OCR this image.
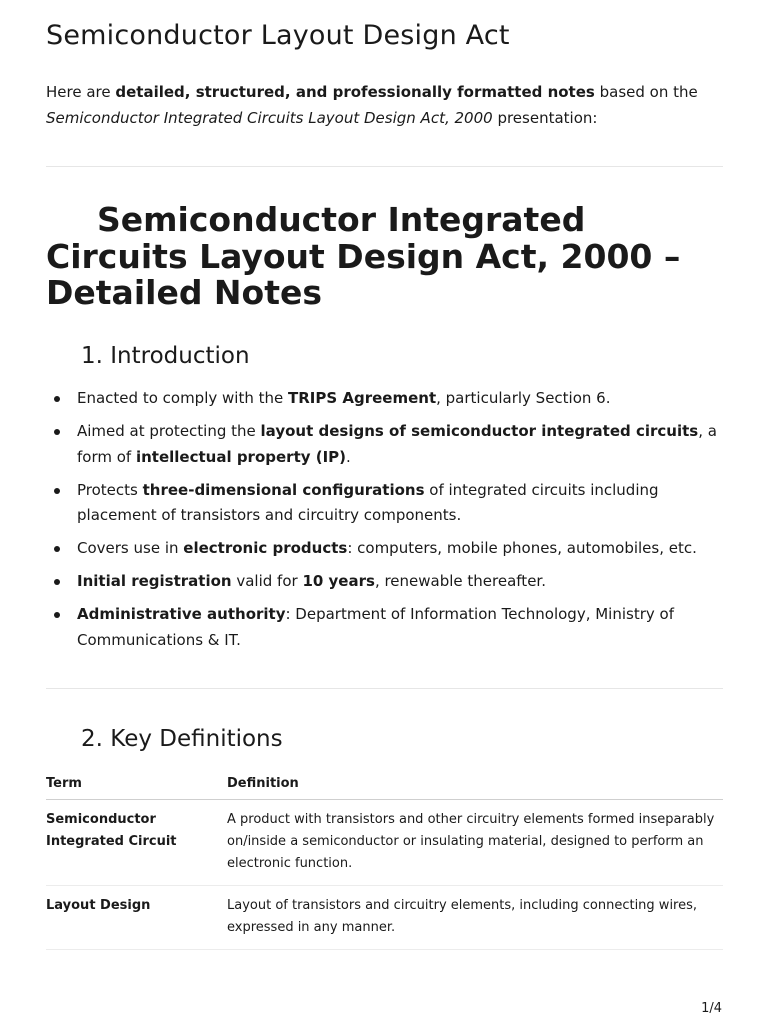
Semiconductor Layout Design Act

Here are detailed, structured, and professionally formatted notes based on the
Semiconductor Integrated Circuits Layout Design Act, 2000 presentation:

Semiconductor Integrated Circuits Layout Design Act, 2000 – Detailed Notes
1. Introduction
Enacted to comply with the TRIPS Agreement, particularly Section 6.
Aimed at protecting the layout designs of semiconductor integrated circuits, a form of intellectual property (IP).
Protects three-dimensional configurations of integrated circuits including placement of transistors and circuitry components.
Covers use in electronic products: computers, mobile phones, automobiles, etc.
Initial registration valid for 10 years, renewable thereafter.
Administrative authority: Department of Information Technology, Ministry of Communications & IT.
2. Key Definitions
Term	Definition

Semiconductor Integrated Circuit	A product with transistors and other circuitry elements formed inseparably on/inside a semiconductor or insulating material, designed to perform an electronic function.
Layout Design	Layout of transistors and circuitry elements, including connecting wires, expressed in any manner.
1/4
